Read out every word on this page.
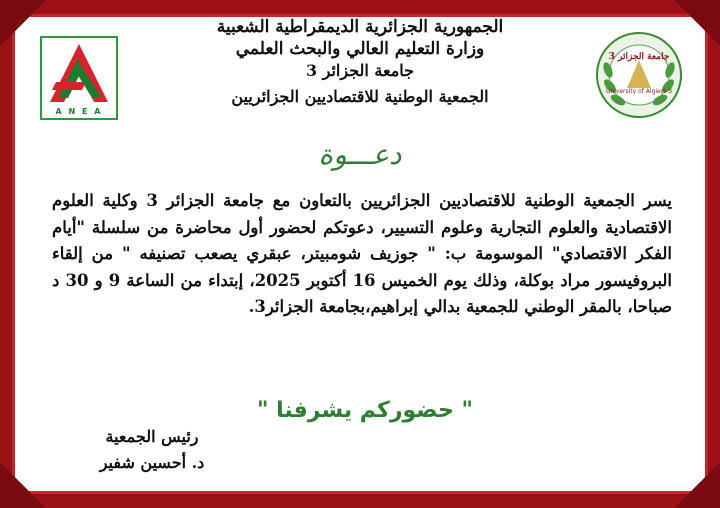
الجمهورية الجزائرية الديمقراطية الشعبية
وزارة التعليم العالي والبحث العلمي
جامعة الجزائر 3
الجمعية الوطنية للاقتصاديين الجزائريين
A N E A
جامعة الجزائر 3
University of Algiers 3
دعـــوة
يسر الجمعية الوطنية للاقتصاديين الجزائريين بالتعاون مع جامعة الجزائر 3 وكلية العلوم الاقتصادية والعلوم التجارية وعلوم التسيير، دعوتكم لحضور أول محاضرة من سلسلة "أيام الفكر الاقتصادي" الموسومة ب: " جوزيف شومبيتر، عبقري يصعب تصنيفه " من إلقاء البروفيسور مراد بوكلة، وذلك يوم الخميس 16 أكتوبر 2025، إبتداء من الساعة 9 و 30 د صباحا، بالمقر الوطني للجمعية بدالي إبراهيم،بجامعة الجزائر3.
" حضوركم يشرفنا "
رئيس الجمعية
د. أحسين شفير
